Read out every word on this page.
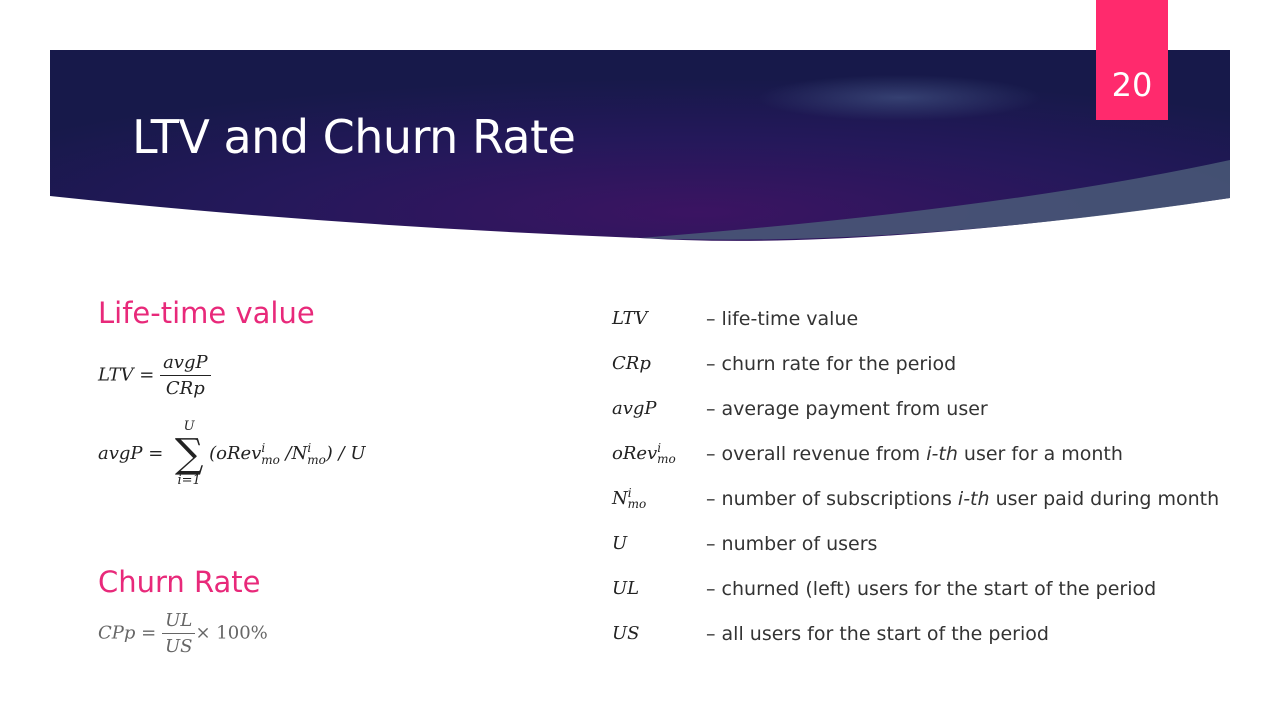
LTV and Churn Rate
20
Life-time value
LTV = $\frac{\text{avgP}}{\text{CRp}}$
avgP =
U
∑
i=1
(oRev$^i_{mo}$ $/N^i_{mo}$) / U
Churn Rate
CPp = $\frac{UL}{US} \times 100\%$
LTV	– life-time value
CRp	– churn rate for the period
avgP	– average payment from user
oRev$^i_{mo}$	– overall revenue from i-th user for a month
$N^i_{mo}$	– number of subscriptions i-th user paid during month
U	– number of users
UL	– churned (left) users for the start of the period
US	– all users for the start of the period
